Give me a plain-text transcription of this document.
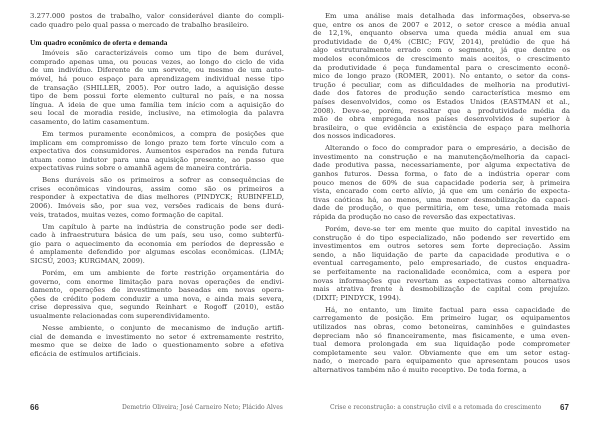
3.277.000 postos de trabalho, valor considerável diante do compli-
cado quadro pelo qual passa o mercado de trabalho brasileiro.
Um quadro econômico de oferta e demanda
Imóveis são caracterizáveis como um tipo de bem durável,
comprado apenas uma, ou poucas vezes, ao longo do ciclo de vida
de um indivíduo. Diferente de um sorvete, ou mesmo de um auto-
móvel, há pouco espaço para aprendizagem individual nesse tipo
de transação (SHILLER, 2005). Por outro lado, a aquisição desse
tipo de bem possui forte elemento cultural no país, e na nossa
língua. A ideia de que uma família tem início com a aquisição do
seu local de moradia reside, inclusive, na etimologia da palavra
casamento, do latim casamentum.
Em termos puramente econômicos, a compra de posições que
implicam em compromisso de longo prazo tem forte vínculo com a
expectativa dos consumidores. Aumentos esperados na renda futura
atuam como indutor para uma aquisição presente, ao passo que
expectativas ruins sobre o amanhã agem de maneira contrária.
Bens duráveis são os primeiros a sofrer as consequências de
crises econômicas vindouras, assim como são os primeiros a
responder à expectativa de dias melhores (PINDYCK; RUBINFELD,
2006). Imóveis são, por sua vez, versões radicais de bens durá-
veis, tratados, muitas vezes, como formação de capital.
Um capítulo à parte na indústria de construção pode ser dedi-
cado à infraestrutura básica de um país, seu uso, como subterfú-
gio para o aquecimento da economia em períodos de depressão e
é amplamente defendido por algumas escolas econômicas. (LIMA;
SICSÚ, 2003; KURGMAN, 2009).
Porém, em um ambiente de forte restrição orçamentária do
governo, com enorme limitação para novas operações de endivi-
damento, operações de investimento baseadas em novas opera-
ções de crédito podem conduzir a uma nova, e ainda mais severa,
crise depressiva que, segundo Reinhart e Rogoff (2010), estão
usualmente relacionadas com superendividamento.
Nesse ambiente, o conjunto de mecanismo de indução artifi-
cial de demanda e investimento no setor é extremamente restrito,
mesmo que se deixe de lado o questionamento sobre a efetiva
eficácia de estímulos artificiais.
Em uma análise mais detalhada das informações, observa-se
que, entre os anos de 2007 e 2012, o setor cresce a média anual
de 12,1%, enquanto observa uma queda média anual em sua
produtividade de 0,4% (CBIC; FGV, 2014), prelúdio de que há
algo estruturalmente errado com o segmento, já que dentre os
modelos econômicos de crescimento mais aceitos, o crescimento
da produtividade é peça fundamental para o crescimento econô-
mico de longo prazo (ROMER, 2001). No entanto, o setor da cons-
trução é peculiar, com as dificuldades de melhoria na produtivi-
dade dos fatores de produção sendo característica mesmo em
países desenvolvidos, como os Estados Unidos (EASTMAN et al.,
2008). Deve-se, porém, ressaltar que a produtividade média da
mão de obra empregada nos países desenvolvidos é superior à
brasileira, o que evidência a existência de espaço para melhoria
dos nossos indicadores.
Alterando o foco do comprador para o empresário, a decisão de
investimento na construção e na manutenção/melhoria da capaci-
dade produtiva passa, necessariamente, por alguma expectativa de
ganhos futuros. Dessa forma, o fato de a indústria operar com
pouco menos de 60% de sua capacidade poderia ser, à primeira
vista, encarado com certo alívio, já que em um cenário de expecta-
tivas caóticas há, ao menos, uma menor desmobilização da capaci-
dade de produção, o que permitiria, em tese, uma retomada mais
rápida da produção no caso de reversão das expectativas.
Porém, deve-se ter em mente que muito do capital investido na
construção é do tipo especializado, não podendo ser revertido em
investimentos em outros setores sem forte depreciação. Assim
sendo, a não liquidação de parte da capacidade produtiva e o
eventual carregamento, pelo empresariado, de custos enquadra-
se perfeitamente na racionalidade econômica, com a espera por
novas informações que revertam as expectativas como alternativa
mais atrativa frente à desmobilização de capital com prejuízo.
(DIXIT; PINDYCK, 1994).
Há, no entanto, um limite factual para essa capacidade de
carregamento de posição. Em primeiro lugar, os equipamentos
utilizados nas obras, como betoneiras, caminhões e guindastes
depreciam não só financeiramente, mas fisicamente, e uma even-
tual demora prolongada em sua liquidação pode comprometer
completamente seu valor. Obviamente que em um setor estag-
nado, o mercado para equipamento que apresentam poucos usos
alternativos também não é muito receptivo. De toda forma, a
66	Demetrio Oliveira; José Carneiro Neto; Plácido Alves	Crise e reconstrução: a construção civil e a retomada do crescimento 67
